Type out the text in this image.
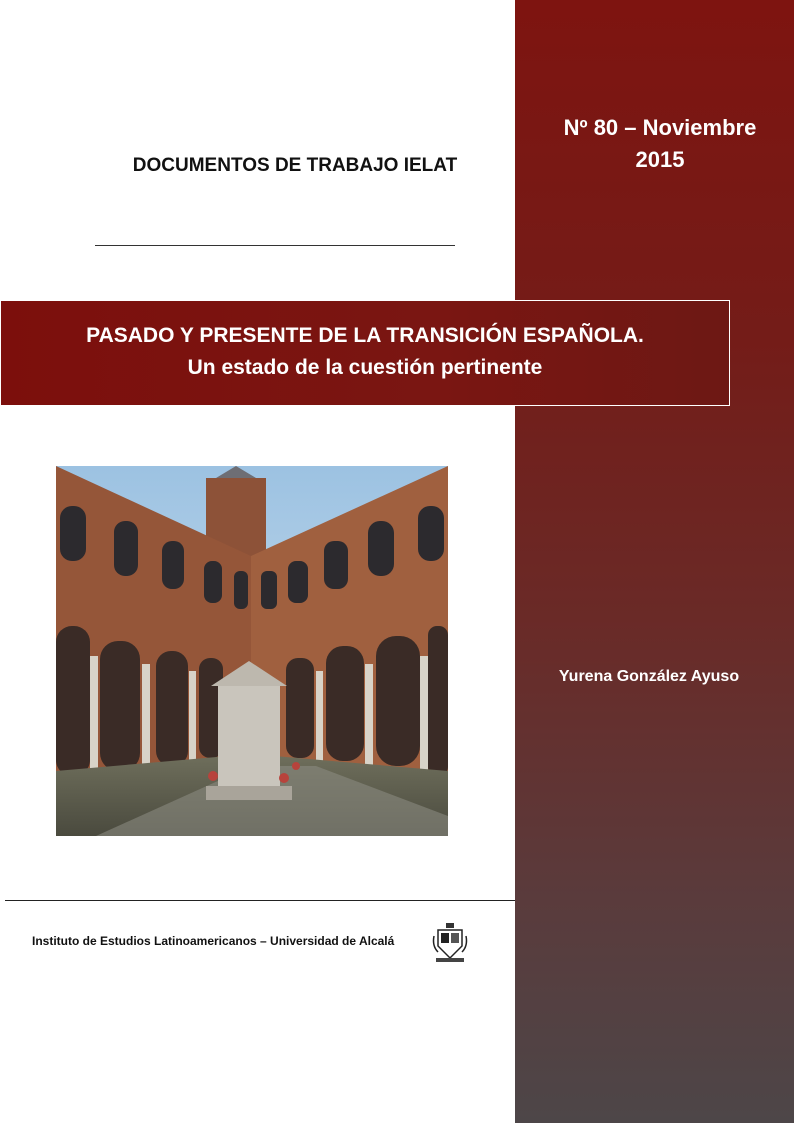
Nº 80 – Noviembre
2015
DOCUMENTOS DE TRABAJO IELAT
PASADO Y PRESENTE DE LA TRANSICIÓN ESPAÑOLA.
Un estado de la cuestión pertinente
Yurena González Ayuso
Instituto de Estudios Latinoamericanos – Universidad de Alcalá
